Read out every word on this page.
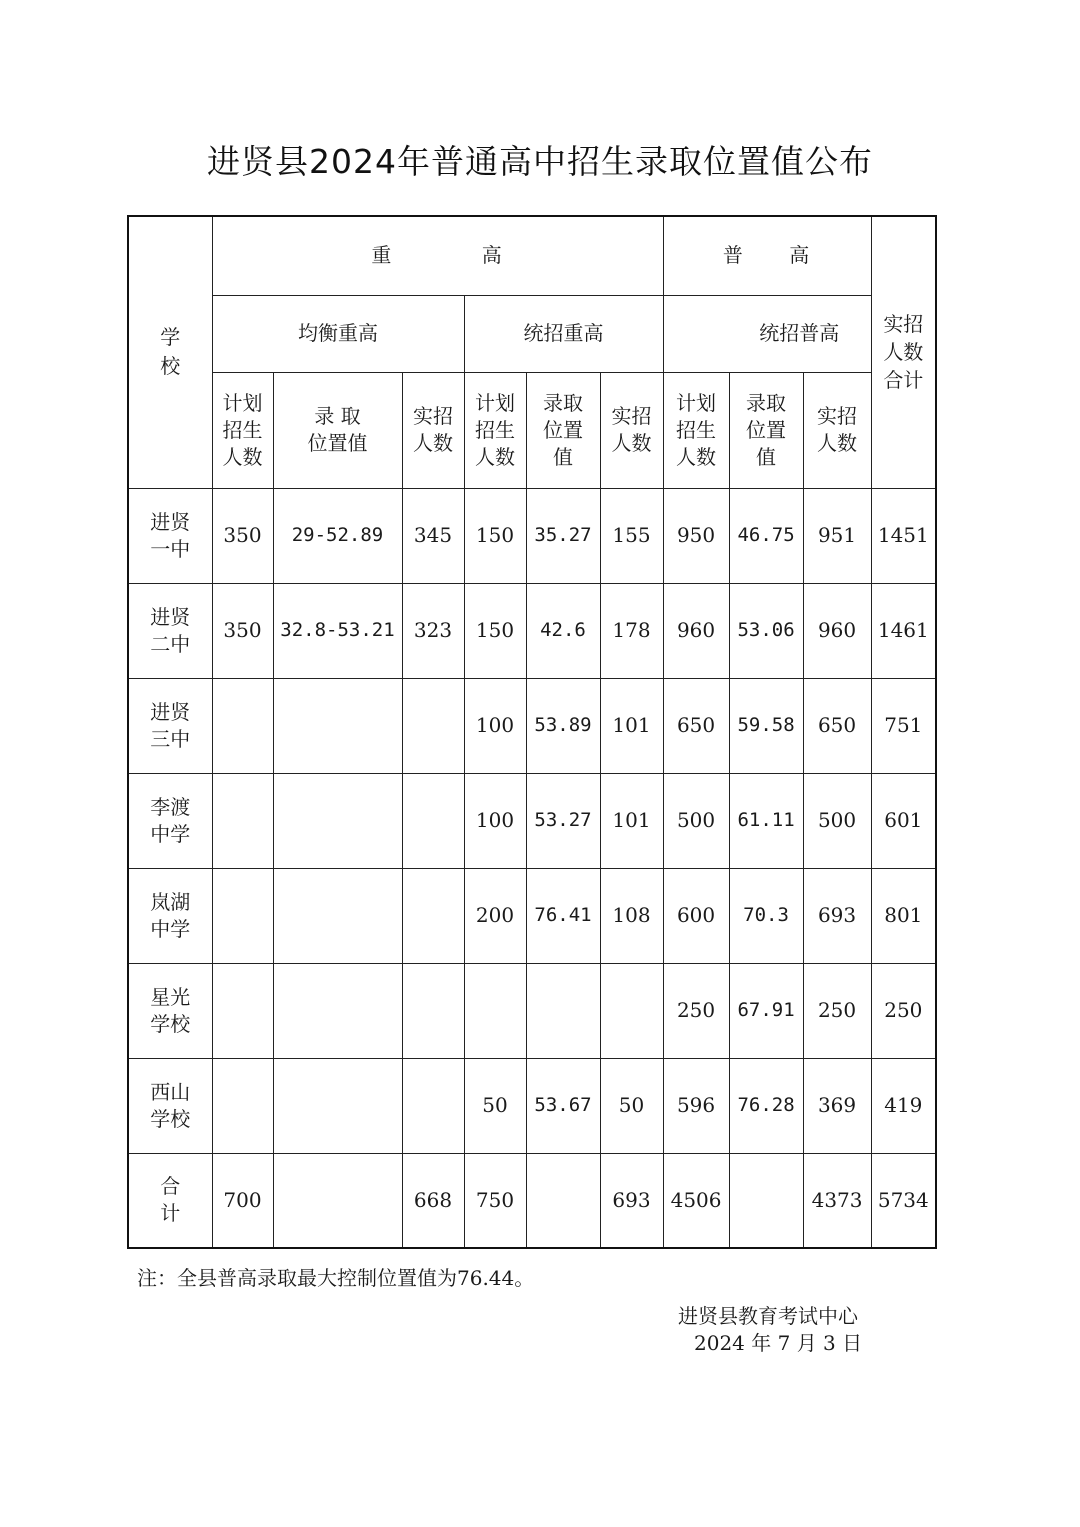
进贤县2024年普通高中招生录取位置值公布
学校	重 高						普 高			实招人数合计

	均衡重高			统招重高			统招普高			

	计划招生人数	录 取 位置值	实招人数	计划招生人数	录取位置值	实招人数	计划招生人数	录取位置值	实招人数	

进贤一中	350	29-52.89	345	150	35.27	155	950	46.75	951	1451

进贤二中	350	32.8-53.21	323	150	42.6	178	960	53.06	960	1461

进贤三中				100	53.89	101	650	59.58	650	751

李渡中学				100	53.27	101	500	61.11	500	601

岚湖中学				200	76.41	108	600	70.3	693	801

星光学校							250	67.91	250	250

西山学校				50	53.67	50	596	76.28	369	419

合 计	700		668	750		693	4506		4373	5734
注：全县普高录取最大控制位置值为76.44。
进贤县教育考试中心
2024 年 7 月 3 日
